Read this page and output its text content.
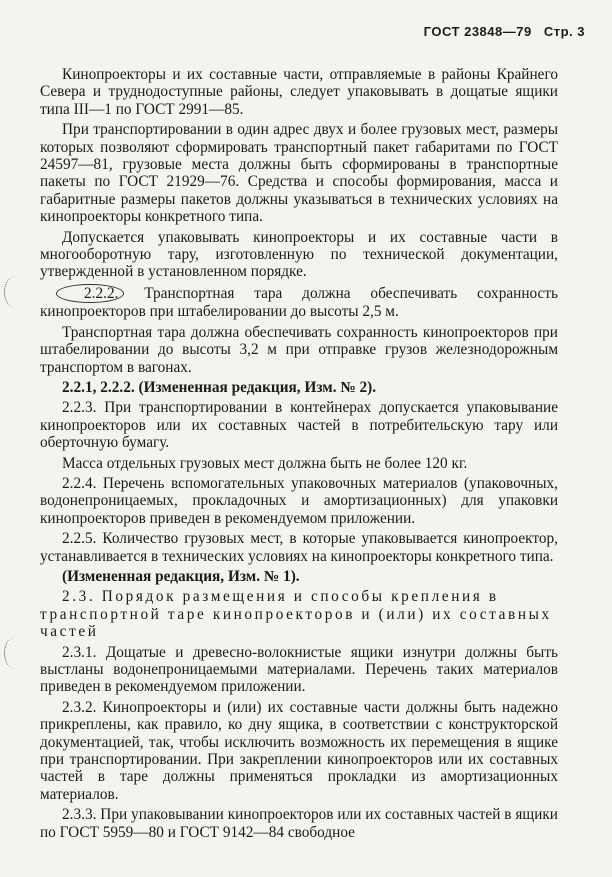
ГОСТ 23848—79 Стр. 3

Кинопроекторы и их составные части, отправляемые в районы Крайнего Севера и труднодоступные районы, следует упаковывать в дощатые ящики типа III—1 по ГОСТ 2991—85.

При транспортировании в один адрес двух и более грузовых мест, размеры которых позволяют сформировать транспортный пакет габаритами по ГОСТ 24597—81, грузовые места должны быть сформированы в транспортные пакеты по ГОСТ 21929—76. Средства и способы формирования, масса и габаритные размеры пакетов должны указываться в технических условиях на кинопроекторы конкретного типа.

Допускается упаковывать кинопроекторы и их составные части в многооборотную тару, изготовленную по технической документации, утвержденной в установленном порядке.

2.2.2. Транспортная тара должна обеспечивать сохранность кинопроекторов при штабелировании до высоты 2,5 м.

Транспортная тара должна обеспечивать сохранность кинопроекторов при штабелировании до высоты 3,2 м при отправке грузов железнодорожным транспортом в вагонах.

2.2.1, 2.2.2. (Измененная редакция, Изм. № 2).

2.2.3. При транспортировании в контейнерах допускается упаковывание кинопроекторов или их составных частей в потребительскую тару или оберточную бумагу.

Масса отдельных грузовых мест должна быть не более 120 кг.

2.2.4. Перечень вспомогательных упаковочных материалов (упаковочных, водонепроницаемых, прокладочных и амортизационных) для упаковки кинопроекторов приведен в рекомендуемом приложении.

2.2.5. Количество грузовых мест, в которые упаковывается кинопроектор, устанавливается в технических условиях на кинопроекторы конкретного типа.

(Измененная редакция, Изм. № 1).

2.3. Порядок размещения и способы крепления в транспортной таре кинопроекторов и (или) их составных частей

2.3.1. Дощатые и древесно-волокнистые ящики изнутри должны быть выстланы водонепроницаемыми материалами. Перечень таких материалов приведен в рекомендуемом приложении.

2.3.2. Кинопроекторы и (или) их составные части должны быть надежно прикреплены, как правило, ко дну ящика, в соответствии с конструкторской документацией, так, чтобы исключить возможность их перемещения в ящике при транспортировании. При закреплении кинопроекторов или их составных частей в таре должны применяться прокладки из амортизационных материалов.

2.3.3. При упаковывании кинопроекторов или их составных частей в ящики по ГОСТ 5959—80 и ГОСТ 9142—84 свободное
